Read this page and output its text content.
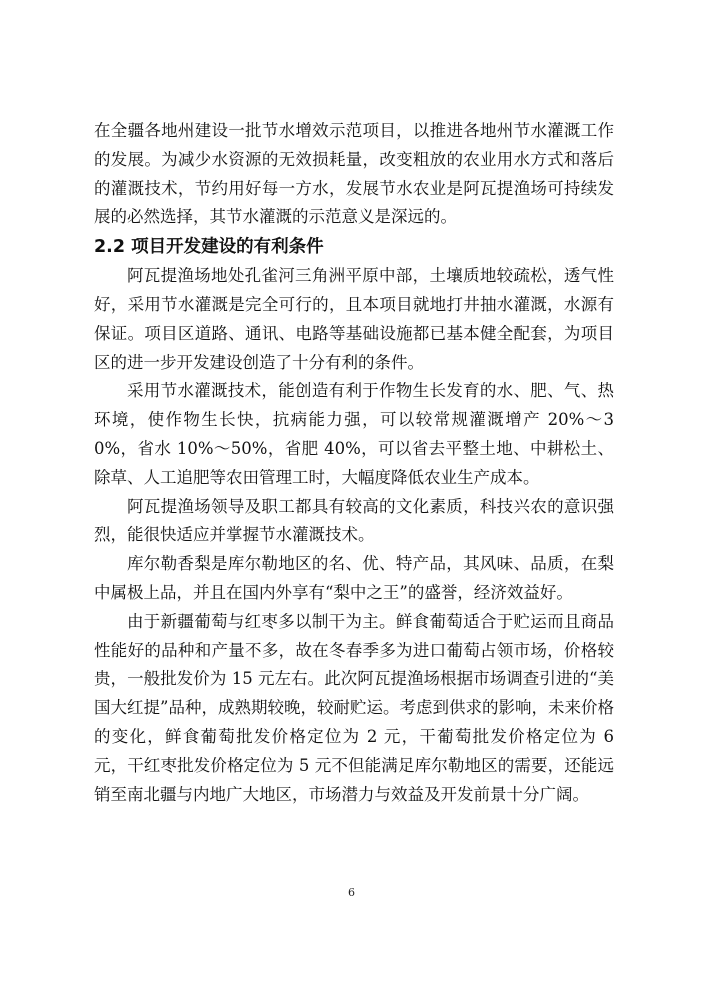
在全疆各地州建设一批节水增效示范项目，以推进各地州节水灌溉工作的发展。为减少水资源的无效损耗量，改变粗放的农业用水方式和落后的灌溉技术，节约用好每一方水，发展节水农业是阿瓦提渔场可持续发展的必然选择，其节水灌溉的示范意义是深远的。

2.2 项目开发建设的有利条件

阿瓦提渔场地处孔雀河三角洲平原中部，土壤质地较疏松，透气性好，采用节水灌溉是完全可行的，且本项目就地打井抽水灌溉，水源有保证。项目区道路、通讯、电路等基础设施都已基本健全配套，为项目区的进一步开发建设创造了十分有利的条件。

采用节水灌溉技术，能创造有利于作物生长发育的水、肥、气、热环境，使作物生长快，抗病能力强，可以较常规灌溉增产 20%～30%，省水 10%～50%，省肥 40%，可以省去平整土地、中耕松土、除草、人工追肥等农田管理工时，大幅度降低农业生产成本。

阿瓦提渔场领导及职工都具有较高的文化素质，科技兴农的意识强烈，能很快适应并掌握节水灌溉技术。

库尔勒香梨是库尔勒地区的名、优、特产品，其风味、品质，在梨中属极上品，并且在国内外享有“梨中之王”的盛誉，经济效益好。

由于新疆葡萄与红枣多以制干为主。鲜食葡萄适合于贮运而且商品性能好的品种和产量不多，故在冬春季多为进口葡萄占领市场，价格较贵，一般批发价为 15 元左右。此次阿瓦提渔场根据市场调查引进的“美国大红提”品种，成熟期较晚，较耐贮运。考虑到供求的影响，未来价格的变化，鲜食葡萄批发价格定位为 2 元，干葡萄批发价格定位为 6 元，干红枣批发价格定位为 5 元不但能满足库尔勒地区的需要，还能远销至南北疆与内地广大地区，市场潜力与效益及开发前景十分广阔。

6
